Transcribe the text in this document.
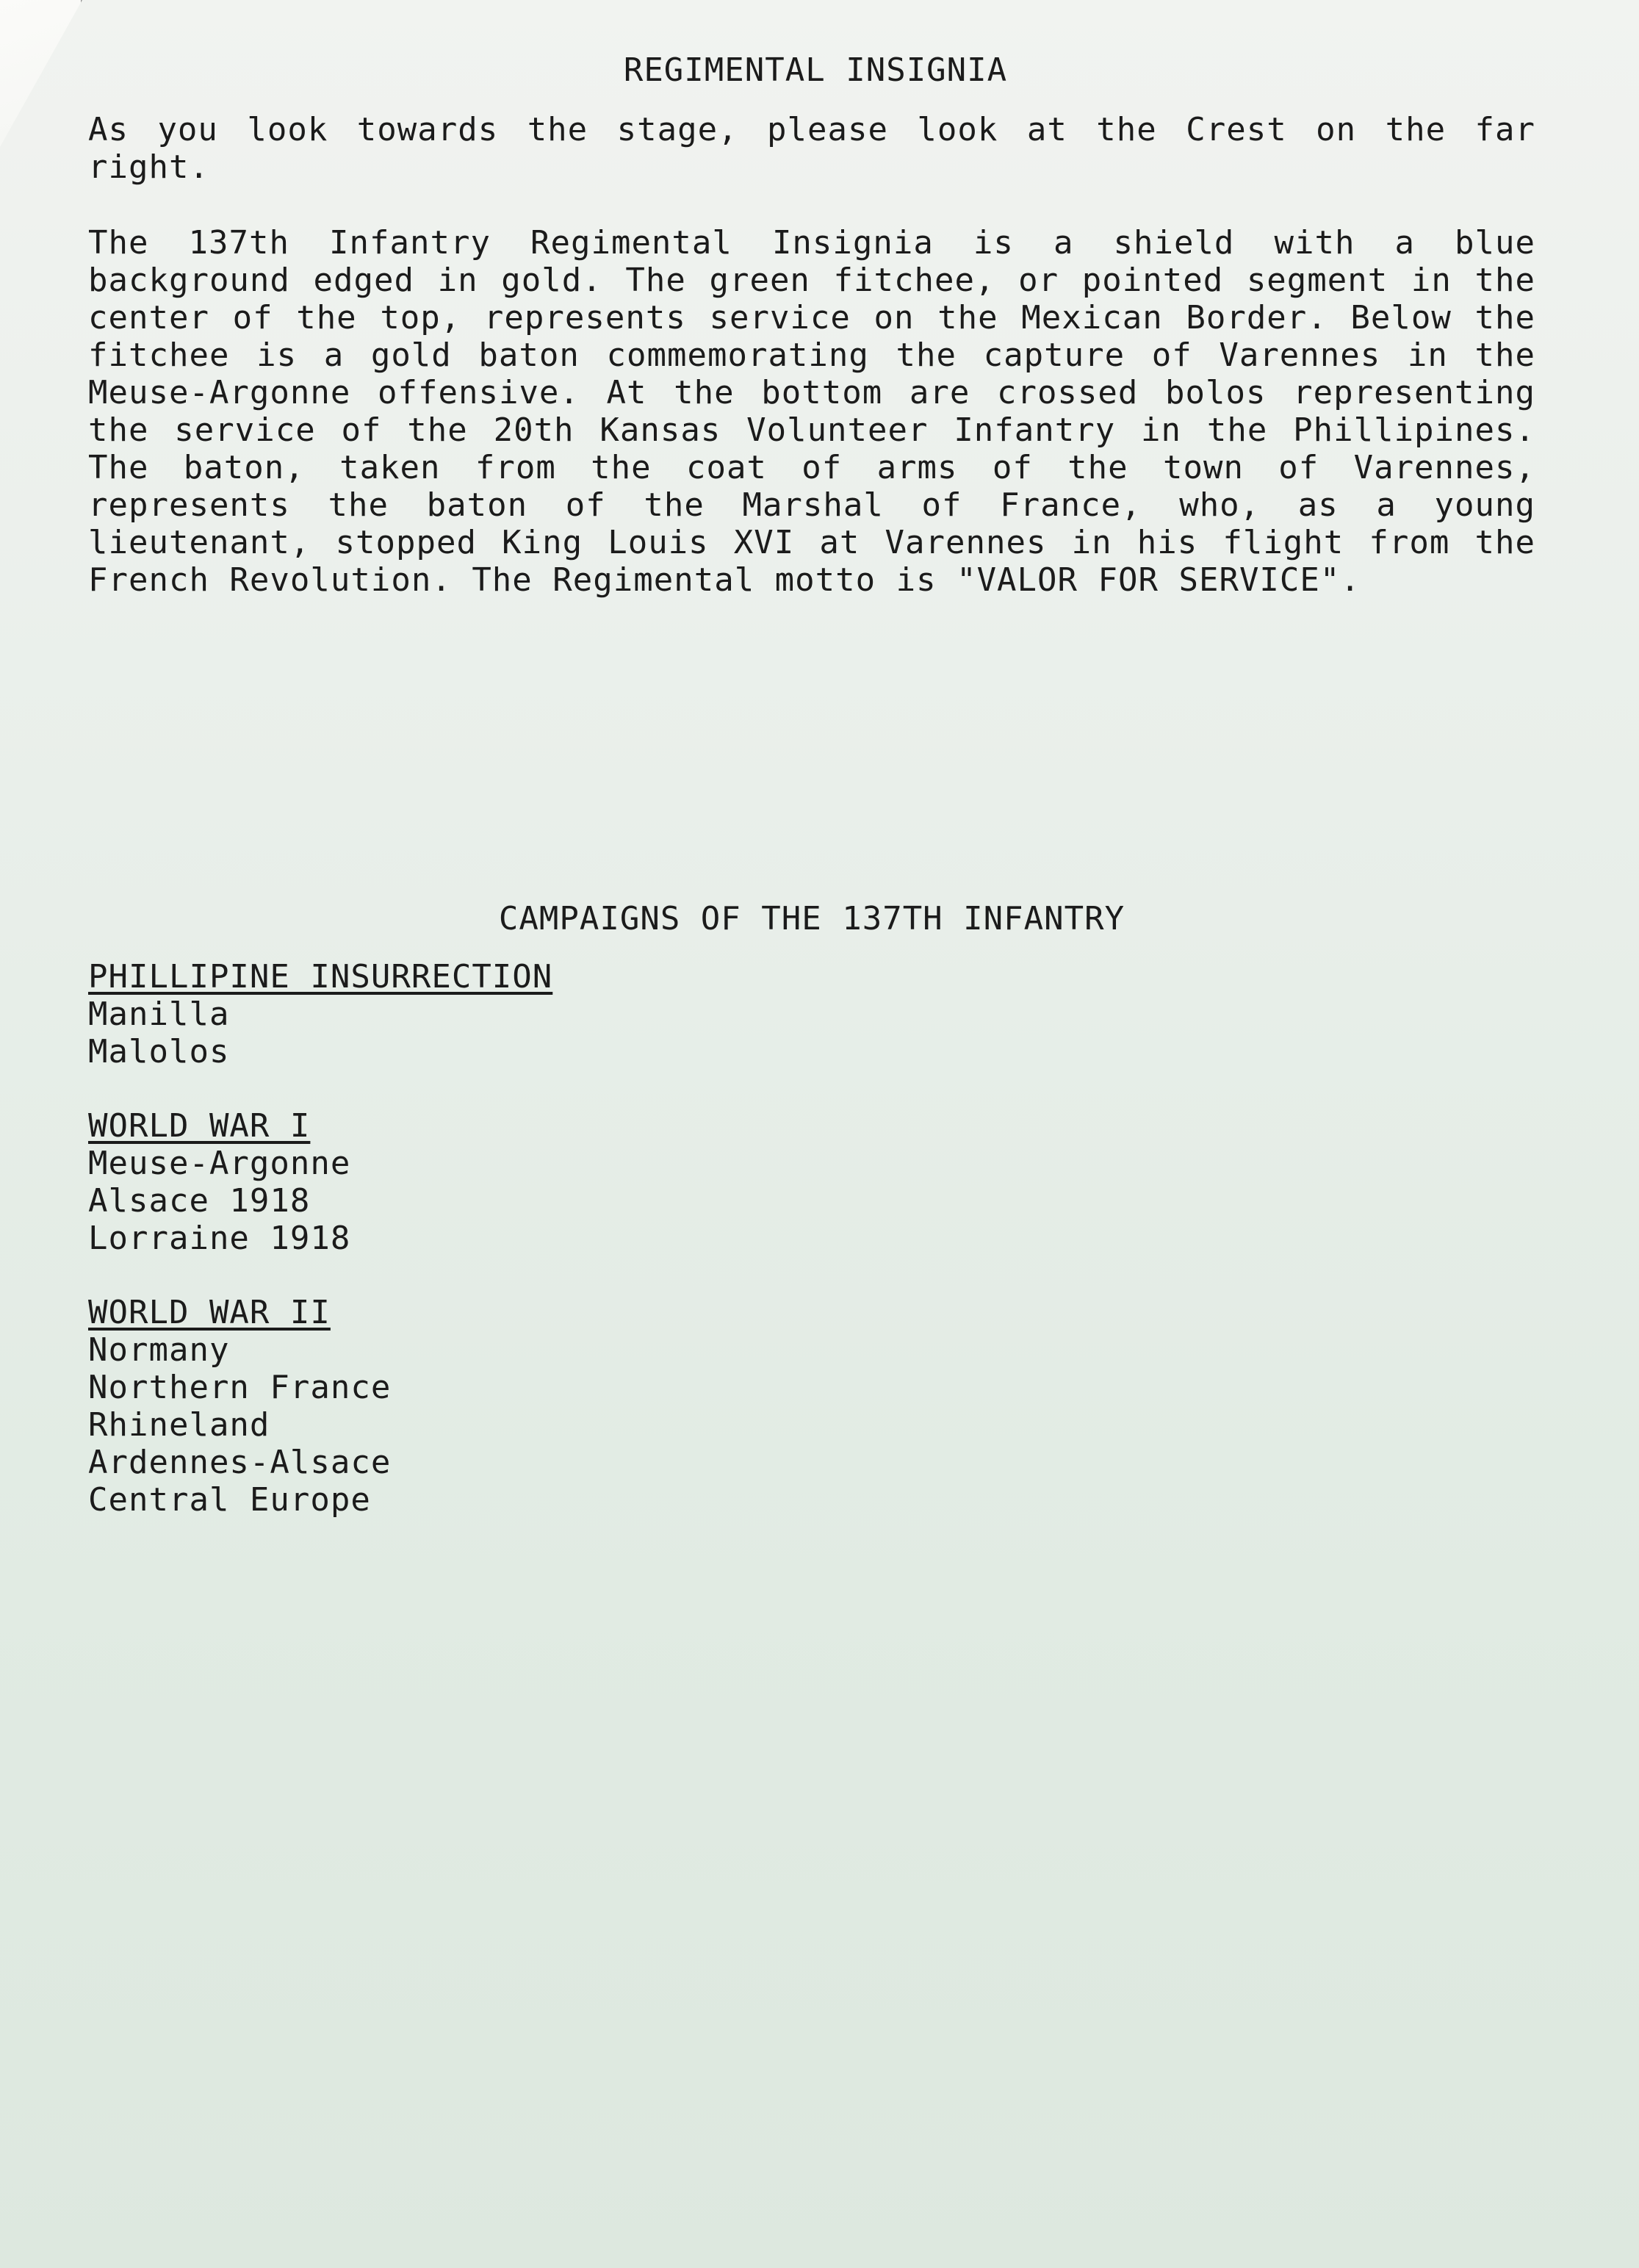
REGIMENTAL INSIGNIA

As you look towards the stage, please look at the Crest on the far right.

The 137th Infantry Regimental Insignia is a shield with a blue background edged in gold. The green fitchee, or pointed segment in the center of the top, represents service on the Mexican Border. Below the fitchee is a gold baton commemorating the capture of Varennes in the Meuse-Argonne offensive. At the bottom are crossed bolos representing the service of the 20th Kansas Volunteer Infantry in the Phillipines. The baton, taken from the coat of arms of the town of Varennes, represents the baton of the Marshal of France, who, as a young lieutenant, stopped King Louis XVI at Varennes in his flight from the French Revolution. The Regimental motto is "VALOR FOR SERVICE".

CAMPAIGNS OF THE 137TH INFANTRY
PHILLIPINE INSURRECTION
Manilla
Malolos
WORLD WAR I
Meuse-Argonne
Alsace 1918
Lorraine 1918
WORLD WAR II
Normany
Northern France
Rhineland
Ardennes-Alsace
Central Europe
